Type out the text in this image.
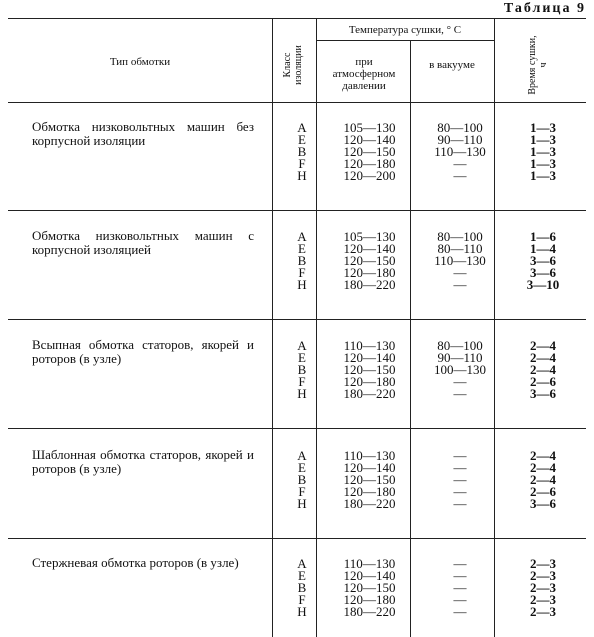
Таблица 9
Тип обмотки	Класс
изоляции
Температура сушки, ° С
при атмосферном давлении
в вакууме
Время сушки,
ч
Обмотка низковольтных машин без корпусной изоляции
A	105—130	80—100	1—3
E	120—140	90—110	1—3
B	120—150	110—130	1—3
F	120—180	—	1—3
H	120—200	—	1—3
Обмотка низковольтных машин с корпусной изоляцией
A	105—130	80—100	1—6
E	120—140	80—110	1—4
B	120—150	110—130	3—6
F	120—180	—	3—6
H	180—220	—	3—10
Всыпная обмотка статоров, якорей и роторов (в узле)
A	110—130	80—100	2—4
E	120—140	90—110	2—4
B	120—150	100—130	2—4
F	120—180	—	2—6
H	180—220	—	3—6
Шаблонная обмотка статоров, якорей и роторов (в узле)
A	110—130	—	2—4
E	120—140	—	2—4
B	120—150	—	2—4
F	120—180	—	2—6
H	180—220	—	3—6
Стержневая обмотка роторов (в узле)	A	110—130	—	2—3
E	120—140	—	2—3
B	120—150	—	2—3
F	120—180	—	2—3
H	180—220	—	2—3
